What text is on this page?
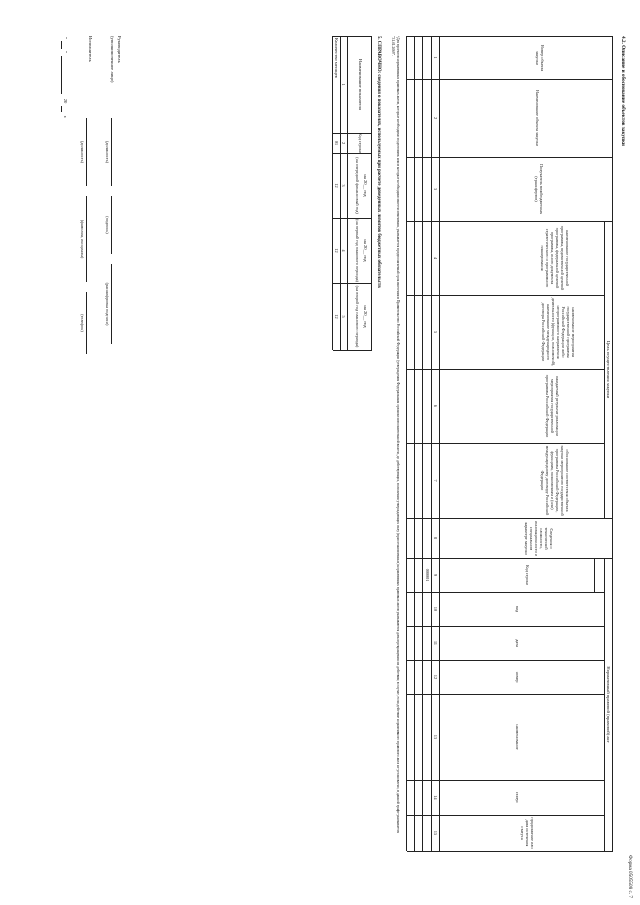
Форма 0505508 с. 7
4.2. Описание и обоснование объектов закупки
Цель осуществления закупки
Нормативный правовой (правовой) акт
Номер объекта закупки
Наименование объекта закупки
Получатель межбюджетных (трансфертов)
наименование государственной программы, ведомственной целевой программы, федеральной целевой программы, иного документа стратегического и программного планирования
наименование мероприятия государственной программы Российской Федерации либо непрограммного направления деятельности (функции, полномочий), наименование международного договора Российской Федерации
ожидаемый результат реализации мероприятия государственной программы Российской Федерации
обоснование соответствия объекта закупки мероприятию государственной программы Российской Федерации, функциям, полномочиям и (или) международному договору Российской Федерации
Сведения о технической сложности, инновационности и специальном характере закупки
Код строки
вид
дата
номер
наименование
статус
продолжение или дата истечения статуса
1
2
3
4
5
6
7
8
9
10
11
12
13
14
15
000001
¹Для проектов нормативных правовых актов, которые необходимо подготовить или в которые необходимо внести изменения, указывается предполагаемый срок внесения в Правительство Российской Федерации (утверждения Федеральным органом исполнительной власти, до действующих, положения утверждающих силу (приостановленных) нормативных правовых актов указываются даты прекращения их действия; в случае, если действие нормативного правового акта не установлено, в данной графе указывается "31.01.2069".
5. СПРАВОЧНО: сведения о показателях, используемых при расчете доведенных лимитов бюджетных обязательств
Наименование показателя
Код строки
на 20__ год
(на очередной финансовый год)
на 20__ год
(на первый год планового периода)
на 20__ год
(на второй год планового периода)
1
2
3
4
5
Количество месяцев
01
12
12
12
Руководитель
(уполномоченное лицо)
(должность)
(подпись)
(расшифровка подписи)
Исполнитель
(должность)
(фамилия, инициалы)
(телефон)
"
"
20
г.
